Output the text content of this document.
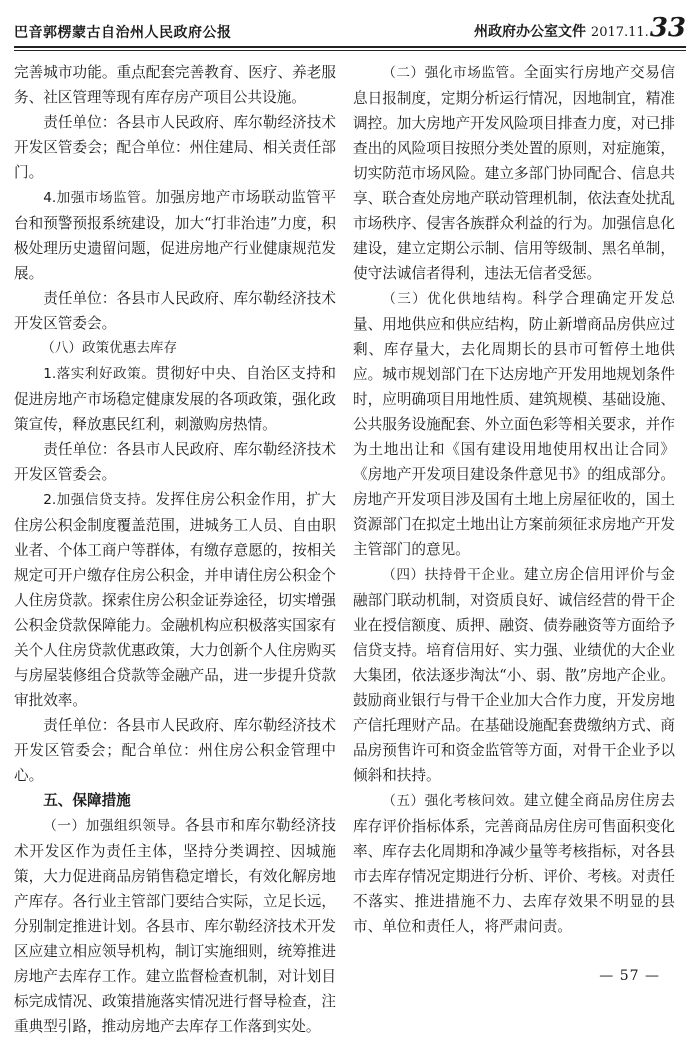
巴音郭楞蒙古自治州人民政府公报	州政府办公室文件 2017.11.33

完善城市功能。重点配套完善教育、医疗、养老服务、社区管理等现有库存房产项目公共设施。

责任单位：各县市人民政府、库尔勒经济技术开发区管委会；配合单位：州住建局、相关责任部门。

4.加强市场监管。加强房地产市场联动监管平台和预警预报系统建设，加大“打非治违”力度，积极处理历史遗留问题，促进房地产行业健康规范发展。

责任单位：各县市人民政府、库尔勒经济技术开发区管委会。

（八）政策优惠去库存

1.落实利好政策。贯彻好中央、自治区支持和促进房地产市场稳定健康发展的各项政策，强化政策宣传，释放惠民红利，刺激购房热情。

责任单位：各县市人民政府、库尔勒经济技术开发区管委会。

2.加强信贷支持。发挥住房公积金作用，扩大住房公积金制度覆盖范围，进城务工人员、自由职业者、个体工商户等群体，有缴存意愿的，按相关规定可开户缴存住房公积金，并申请住房公积金个人住房贷款。探索住房公积金证券途径，切实增强公积金贷款保障能力。金融机构应积极落实国家有关个人住房贷款优惠政策，大力创新个人住房购买与房屋装修组合贷款等金融产品，进一步提升贷款审批效率。

责任单位：各县市人民政府、库尔勒经济技术开发区管委会；配合单位：州住房公积金管理中心。

五、保障措施

（一）加强组织领导。各县市和库尔勒经济技术开发区作为责任主体，坚持分类调控、因城施策，大力促进商品房销售稳定增长，有效化解房地产库存。各行业主管部门要结合实际，立足长远，分别制定推进计划。各县市、库尔勒经济技术开发区应建立相应领导机构，制订实施细则，统筹推进房地产去库存工作。建立监督检查机制，对计划目标完成情况、政策措施落实情况进行督导检查，注重典型引路，推动房地产去库存工作落到实处。

（二）强化市场监管。全面实行房地产交易信息日报制度，定期分析运行情况，因地制宜，精准调控。加大房地产开发风险项目排查力度，对已排查出的风险项目按照分类处置的原则，对症施策，切实防范市场风险。建立多部门协同配合、信息共享、联合查处房地产联动管理机制，依法查处扰乱市场秩序、侵害各族群众利益的行为。加强信息化建设，建立定期公示制、信用等级制、黑名单制，使守法诚信者得利，违法无信者受惩。

（三）优化供地结构。科学合理确定开发总量、用地供应和供应结构，防止新增商品房供应过剩、库存量大，去化周期长的县市可暂停土地供应。城市规划部门在下达房地产开发用地规划条件时，应明确项目用地性质、建筑规模、基础设施、公共服务设施配套、外立面色彩等相关要求，并作为土地出让和《国有建设用地使用权出让合同》《房地产开发项目建设条件意见书》的组成部分。房地产开发项目涉及国有土地上房屋征收的，国土资源部门在拟定土地出让方案前须征求房地产开发主管部门的意见。

（四）扶持骨干企业。建立房企信用评价与金融部门联动机制，对资质良好、诚信经营的骨干企业在授信额度、质押、融资、债券融资等方面给予信贷支持。培育信用好、实力强、业绩优的大企业大集团，依法逐步淘汰“小、弱、散”房地产企业。鼓励商业银行与骨干企业加大合作力度，开发房地产信托理财产品。在基础设施配套费缴纳方式、商品房预售许可和资金监管等方面，对骨干企业予以倾斜和扶持。

（五）强化考核问效。建立健全商品房住房去库存评价指标体系，完善商品房住房可售面积变化率、库存去化周期和净减少量等考核指标，对各县市去库存情况定期进行分析、评价、考核。对责任不落实、推进措施不力、去库存效果不明显的县市、单位和责任人，将严肃问责。

— 57 —
